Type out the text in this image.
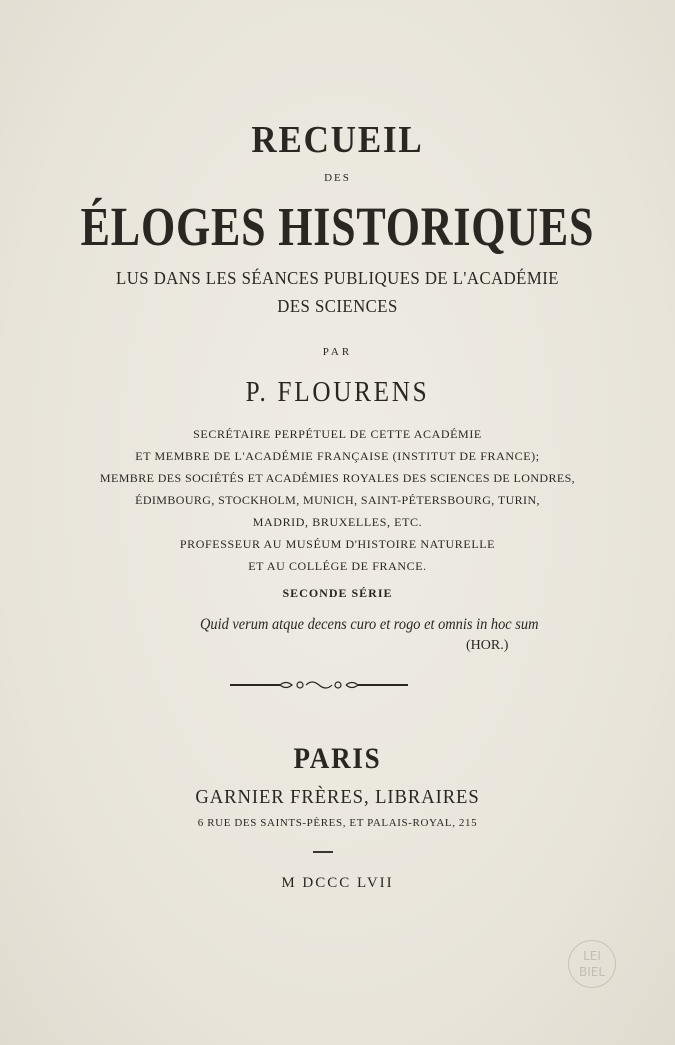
RECUEIL
DES
ÉLOGES HISTORIQUES
LUS DANS LES SÉANCES PUBLIQUES DE L'ACADÉMIE
DES SCIENCES
PAR
P. FLOURENS
SECRÉTAIRE PERPÉTUEL DE CETTE ACADÉMIE
ET MEMBRE DE L'ACADÉMIE FRANÇAISE (INSTITUT DE FRANCE);
MEMBRE DES SOCIÉTÉS ET ACADÉMIES ROYALES DES SCIENCES DE LONDRES,
ÉDIMBOURG, STOCKHOLM, MUNICH, SAINT-PÉTERSBOURG, TURIN,
MADRID, BRUXELLES, ETC.
PROFESSEUR AU MUSÉUM D'HISTOIRE NATURELLE
ET AU COLLÉGE DE FRANCE.
SECONDE SÉRIE
Quid verum atque decens curo et rogo et omnis in hoc sum
(HOR.)
PARIS
GARNIER FRÈRES, LIBRAIRES
6 RUE DES SAINTS-PÈRES, ET PALAIS-ROYAL, 215
M DCCC LVII
LEI
BIEL
